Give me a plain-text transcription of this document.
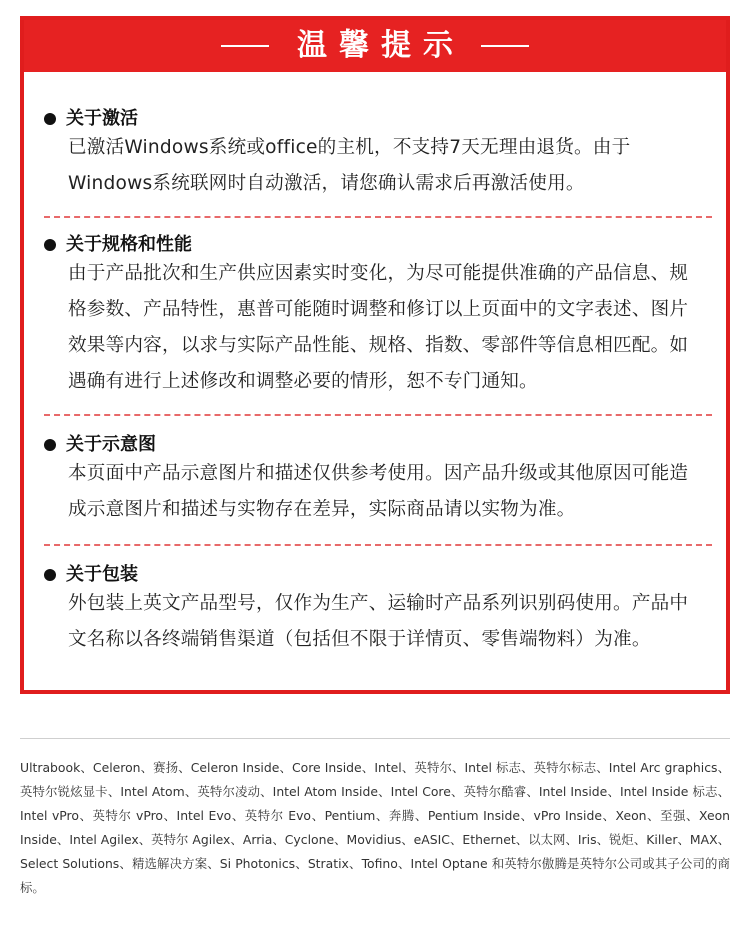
温馨提示
关于激活
已激活Windows系统或office的主机，不支持7天无理由退货。由于Windows系统联网时自动激活，请您确认需求后再激活使用。
关于规格和性能
由于产品批次和生产供应因素实时变化，为尽可能提供准确的产品信息、规格参数、产品特性，惠普可能随时调整和修订以上页面中的文字表述、图片效果等内容，以求与实际产品性能、规格、指数、零部件等信息相匹配。如遇确有进行上述修改和调整必要的情形，恕不专门通知。
关于示意图
本页面中产品示意图片和描述仅供参考使用。因产品升级或其他原因可能造成示意图片和描述与实物存在差异，实际商品请以实物为准。
关于包装
外包装上英文产品型号，仅作为生产、运输时产品系列识别码使用。产品中文名称以各终端销售渠道（包括但不限于详情页、零售端物料）为准。
Ultrabook、Celeron、赛扬、Celeron Inside、Core Inside、Intel、英特尔、Intel 标志、英特尔标志、Intel Arc graphics、英特尔锐炫显卡、Intel Atom、英特尔凌动、Intel Atom Inside、Intel Core、英特尔酷睿、Intel Inside、Intel Inside 标志、Intel vPro、英特尔 vPro、Intel Evo、英特尔 Evo、Pentium、奔腾、Pentium Inside、vPro Inside、Xeon、至强、Xeon Inside、Intel Agilex、英特尔 Agilex、Arria、Cyclone、Movidius、eASIC、Ethernet、以太网、Iris、锐炬、Killer、MAX、Select Solutions、精选解决方案、Si Photonics、Stratix、Tofino、Intel Optane 和英特尔傲腾是英特尔公司或其子公司的商标。
